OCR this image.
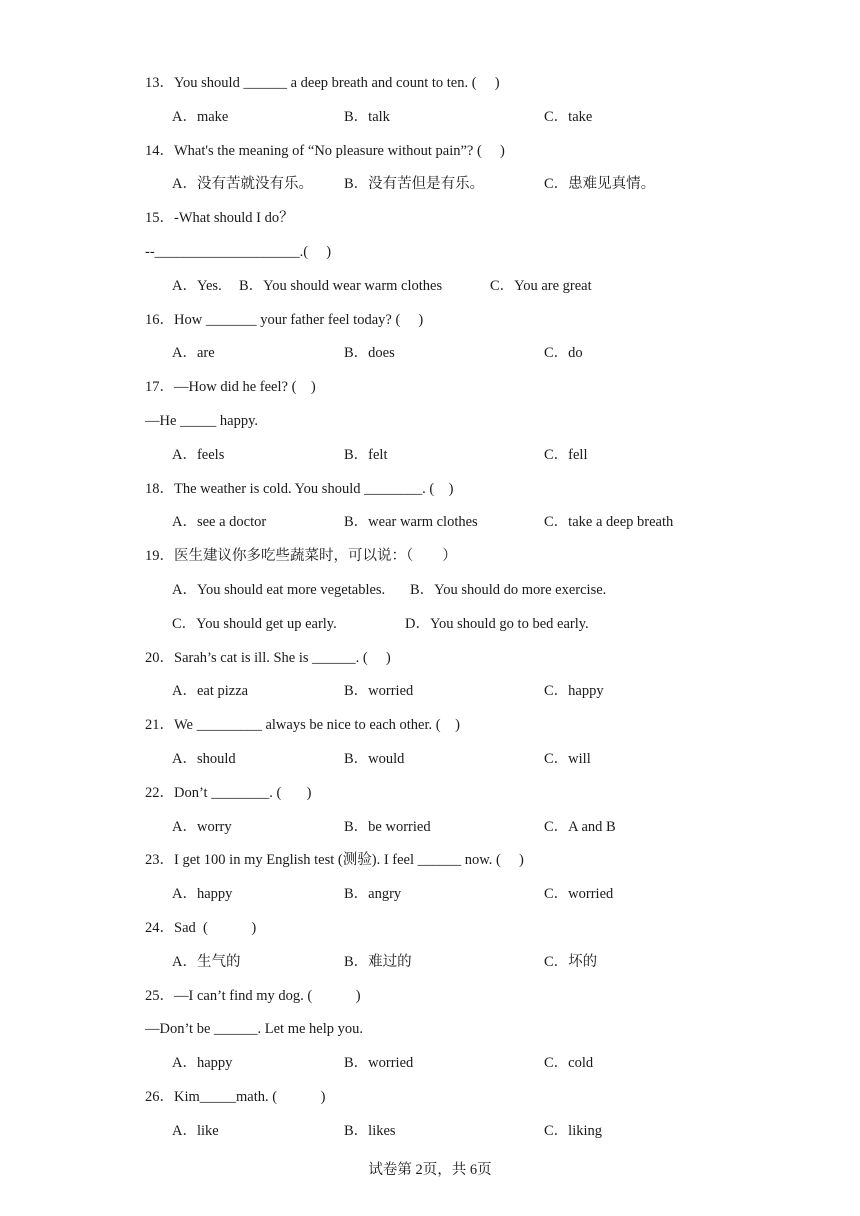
13．You should ______ a deep breath and count to ten. (     )
A．make	B．talk	C．take
14．What's the meaning of “No pleasure without pain”? (     )
A．没有苦就没有乐。 B．没有苦但是有乐。	C．患难见真情。
15．-What should I do？
--____________________.(     )
A．Yes. B．You should wear warm clothes	C．You are great
16．How _______ your father feel today? (     )
A．are	B．does	C．do
17．—How did he feel? (    )
—He _____ happy.
A．feels	B．felt	C．fell
18．The weather is cold. You should ________. (    )
A．see a doctor	B．wear warm clothes	C．take a deep breath
19．医生建议你多吃些蔬菜时，可以说：（        ）
A．You should eat more vegetables. B．You should do more exercise.
C．You should get up early.	D．You should go to bed early.
20．Sarah’s cat is ill. She is ______. (     )
A．eat pizza	B．worried	C．happy
21．We _________ always be nice to each other. (    )
A．should	B．would	C．will
22．Don’t ________. (       )
A．worry	B．be worried	C．A and B
23．I get 100 in my English test (测验). I feel ______ now. (     )
A．happy	B．angry	C．worried
24．Sad  (            )
A．生气的	B．难过的	C．坏的
25．—I can’t find my dog. (            )
—Don’t be ______. Let me help you.
A．happy	B．worried	C．cold
26．Kim_____math. (            )
A．like	B．likes	C．liking
试卷第 2页，共 6页
